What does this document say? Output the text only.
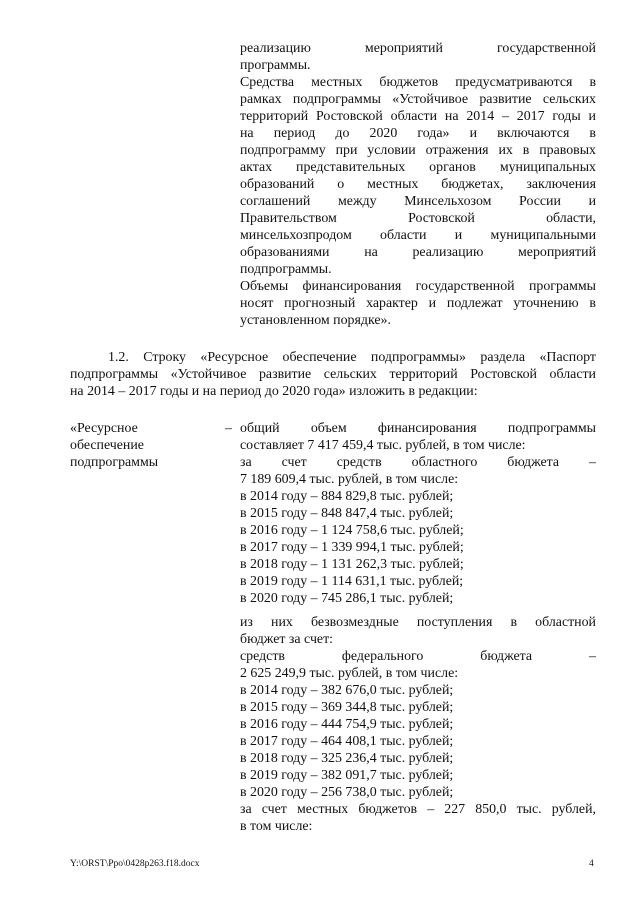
реализацию мероприятий государственной
программы.
Средства местных бюджетов предусматриваются в
рамках подпрограммы «Устойчивое развитие сельских
территорий Ростовской области на 2014 – 2017 годы и
на период до 2020 года» и включаются в
подпрограмму при условии отражения их в правовых
актах представительных органов муниципальных
образований о местных бюджетах, заключения
соглашений между Минсельхозом России и
Правительством Ростовской области,
минсельхозпродом области и муниципальными
образованиями на реализацию мероприятий
подпрограммы.
Объемы финансирования государственной программы
носят прогнозный характер и подлежат уточнению в
установленном порядке».
1.2. Строку «Ресурсное обеспечение подпрограммы» раздела «Паспорт
подпрограммы «Устойчивое развитие сельских территорий Ростовской области
на 2014 – 2017 годы и на период до 2020 года» изложить в редакции:
«Ресурсное
обеспечение
подпрограммы
– общий объем финансирования подпрограммы
составляет 7 417 459,4 тыс. рублей, в том числе:
за счет средств областного бюджета –
7 189 609,4 тыс. рублей, в том числе:
в 2014 году – 884 829,8 тыс. рублей;
в 2015 году – 848 847,4 тыс. рублей;
в 2016 году – 1 124 758,6 тыс. рублей;
в 2017 году – 1 339 994,1 тыс. рублей;
в 2018 году – 1 131 262,3 тыс. рублей;
в 2019 году – 1 114 631,1 тыс. рублей;
в 2020 году – 745 286,1 тыс. рублей;
из них безвозмездные поступления в областной
бюджет за счет:
средств федерального бюджета –
2 625 249,9 тыс. рублей, в том числе:
в 2014 году – 382 676,0 тыс. рублей;
в 2015 году – 369 344,8 тыс. рублей;
в 2016 году – 444 754,9 тыс. рублей;
в 2017 году – 464 408,1 тыс. рублей;
в 2018 году – 325 236,4 тыс. рублей;
в 2019 году – 382 091,7 тыс. рублей;
в 2020 году – 256 738,0 тыс. рублей;
за счет местных бюджетов – 227 850,0 тыс. рублей,
в том числе:
Y:\ORST\Ppo\0428p263.f18.docx	4
